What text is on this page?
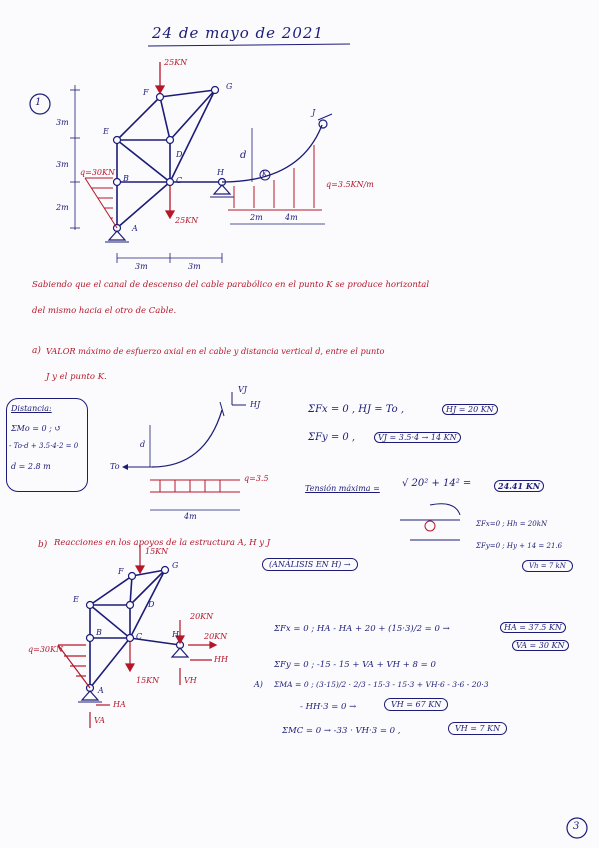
24 de mayo de 2021
1
F
G
E
D
B	C
A
H
J
K
25KN
25KN
q=30KN
q=3.5KN/m
3m
3m
2m
d
3m	3m
2m	4m
Sabiendo que el canal de descenso del cable parabólico en el punto K se produce horizontal
del mismo hacia el otro de Cable.
a) VALOR máximo de esfuerzo axial en el cable y distancia vertical d, entre el punto
J y el punto K.
Distancia:
ΣMo = 0 ; ↺
- To·d + 3.5·4·2 = 0
d = 2.8 m
d
VJ
HJ
To
q=3.5
4m
ΣFx = 0 , HJ = To ,	HJ = 20 KN
ΣFy = 0 ,	VJ = 3.5·4 → 14 KN
Tensión máxima = √ 20² + 14² =	24.41 KN
b) Reacciones en los apoyos de la estructura A, H y J
(ANÁLISIS EN H) →
ΣFx=0 ; Hh = 20kN
ΣFy=0 ; Hy + 14 = 21.6
Vh = 7 kN
F
G
E
D
B	C
A
H
15KN
20KN
20KN
q=30KN
15KN
HA
VA
HH
VH
ΣFx = 0 ; HA - HA + 20 + (15·3)/2 = 0 →	HA = 37.5 KN
VA = 30 KN
ΣFy = 0 ; -15 - 15 + VA + VH + 8 = 0
A) ΣMA = 0 ; (3·15)/2 · 2/3 - 15·3 - 15·3 + VH·6 - 3·6 - 20·3
- HH·3 = 0 →	VH = 67 KN
ΣMC = 0 → -33 · VH·3 = 0 ,	VH = 7 KN
3
